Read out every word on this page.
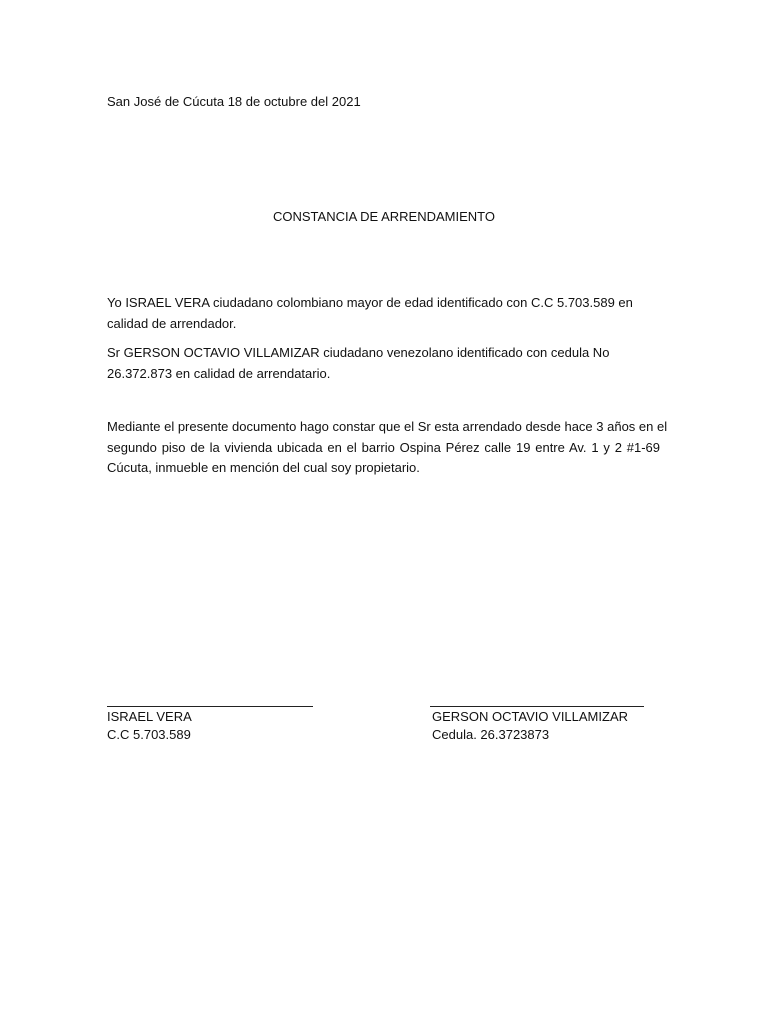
San José de Cúcuta 18 de octubre del 2021
CONSTANCIA DE ARRENDAMIENTO
Yo ISRAEL VERA ciudadano colombiano mayor de edad identificado con C.C 5.703.589 en calidad de arrendador.
Sr GERSON OCTAVIO VILLAMIZAR ciudadano venezolano identificado con cedula No 26.372.873 en calidad de arrendatario.
Mediante el presente documento hago constar que el Sr esta arrendado desde hace 3 años en el
segundo piso de la vivienda ubicada en el barrio Ospina Pérez calle 19 entre Av. 1 y 2 #1-69
Cúcuta, inmueble en mención del cual soy propietario.
ISRAEL VERA
C.C 5.703.589
GERSON OCTAVIO VILLAMIZAR
Cedula. 26.3723873
